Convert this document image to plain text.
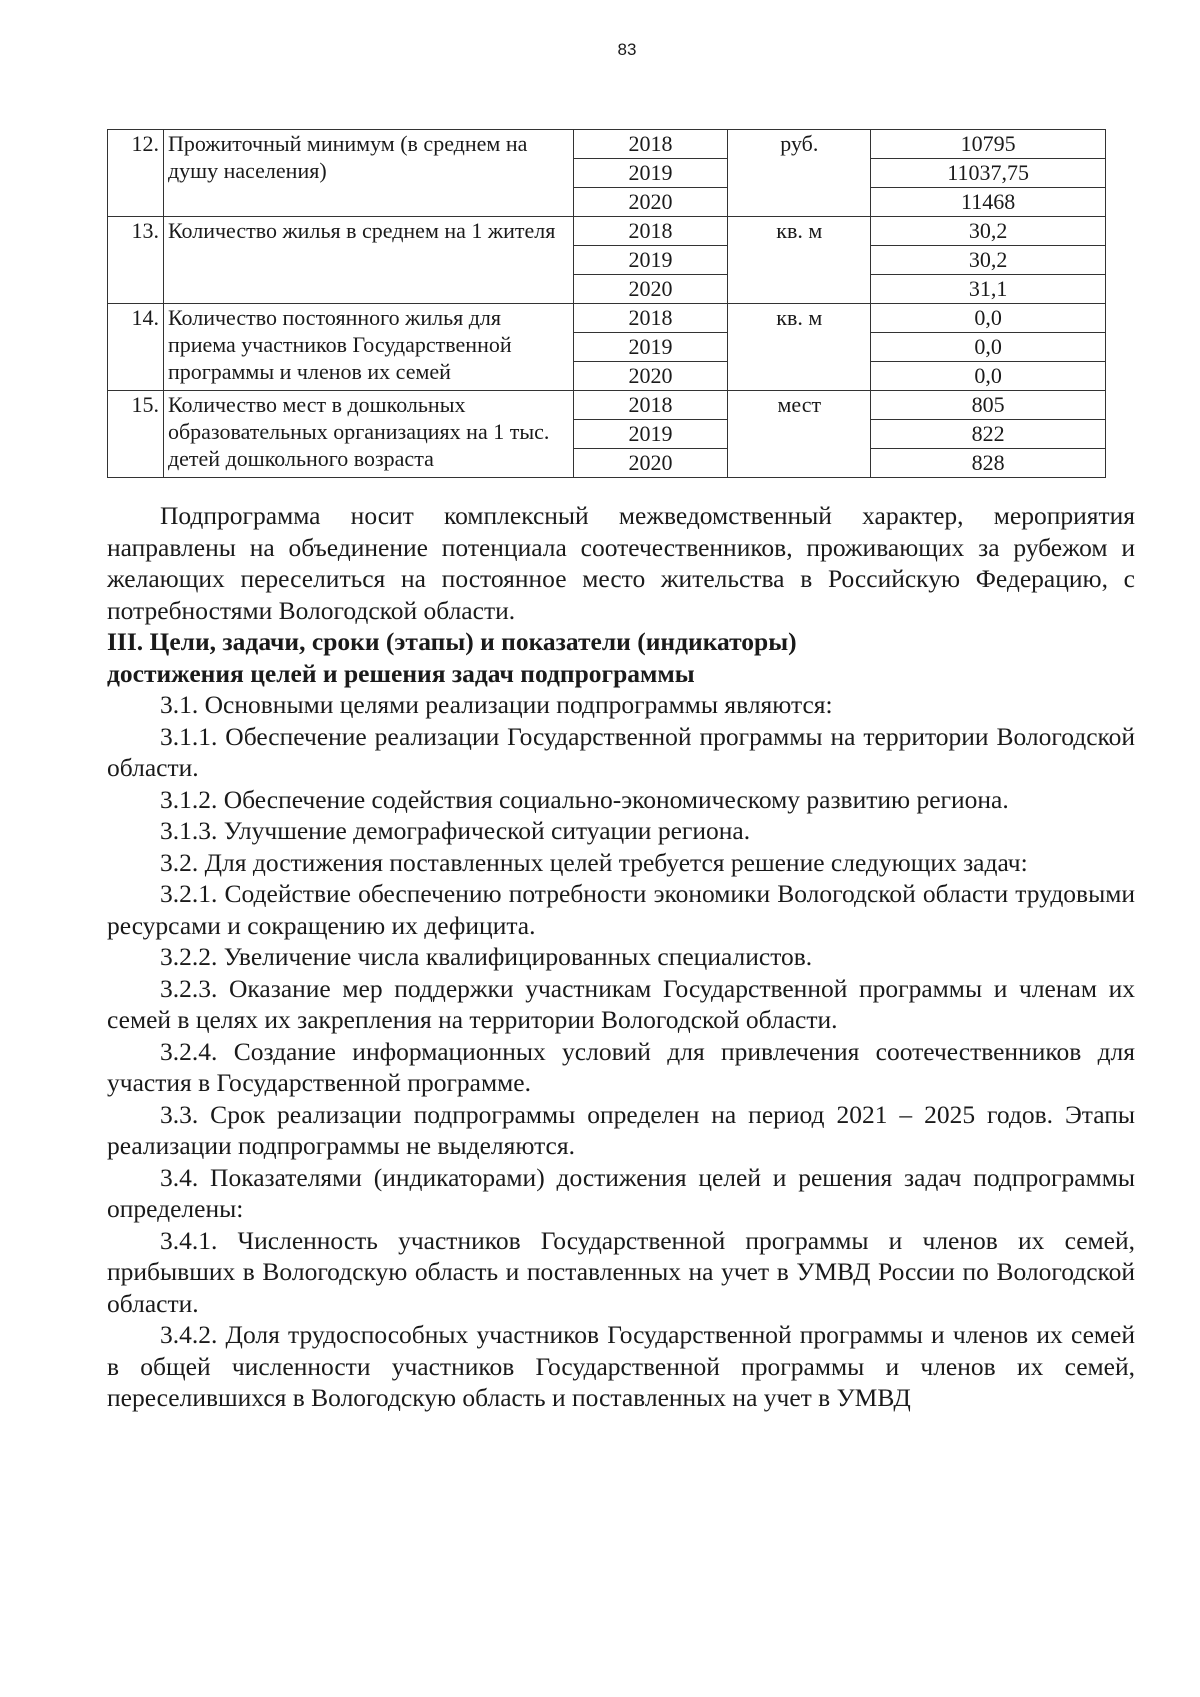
83
12.	Прожиточный минимум (в среднем на душу населения)	2018	руб.	10795
		2019		11037,75
		2020		11468
13.	Количество жилья в среднем на 1 жителя	2018	кв. м	30,2
		2019		30,2
		2020		31,1
14.	Количество постоянного жилья для приема участников Государственной программы и членов их семей	2018	кв. м	0,0
		2019		0,0
		2020		0,0
15.	Количество мест в дошкольных образовательных организациях на 1 тыс. детей дошкольного возраста	2018	мест	805
		2019		822
		2020		828

Подпрограмма носит комплексный межведомственный характер, мероприятия направлены на объединение потенциала соотечественников, проживающих за рубежом и желающих переселиться на постоянное место жительства в Российскую Федерацию, с потребностями Вологодской области.

III. Цели, задачи, сроки (этапы) и показатели (индикаторы)
достижения целей и решения задач подпрограммы

3.1. Основными целями реализации подпрограммы являются:

3.1.1. Обеспечение реализации Государственной программы на территории Вологодской области.

3.1.2. Обеспечение содействия социально-экономическому развитию региона.

3.1.3. Улучшение демографической ситуации региона.

3.2. Для достижения поставленных целей требуется решение следующих задач:

3.2.1. Содействие обеспечению потребности экономики Вологодской области трудовыми ресурсами и сокращению их дефицита.

3.2.2. Увеличение числа квалифицированных специалистов.

3.2.3. Оказание мер поддержки участникам Государственной программы и членам их семей в целях их закрепления на территории Вологодской области.

3.2.4. Создание информационных условий для привлечения соотечественников для участия в Государственной программе.

3.3. Срок реализации подпрограммы определен на период 2021 – 2025 годов. Этапы реализации подпрограммы не выделяются.

3.4. Показателями (индикаторами) достижения целей и решения задач подпрограммы определены:

3.4.1. Численность участников Государственной программы и членов их семей, прибывших в Вологодскую область и поставленных на учет в УМВД России по Вологодской области.

3.4.2. Доля трудоспособных участников Государственной программы и членов их семей в общей численности участников Государственной программы и членов их семей, переселившихся в Вологодскую область и поставленных на учет в УМВД
